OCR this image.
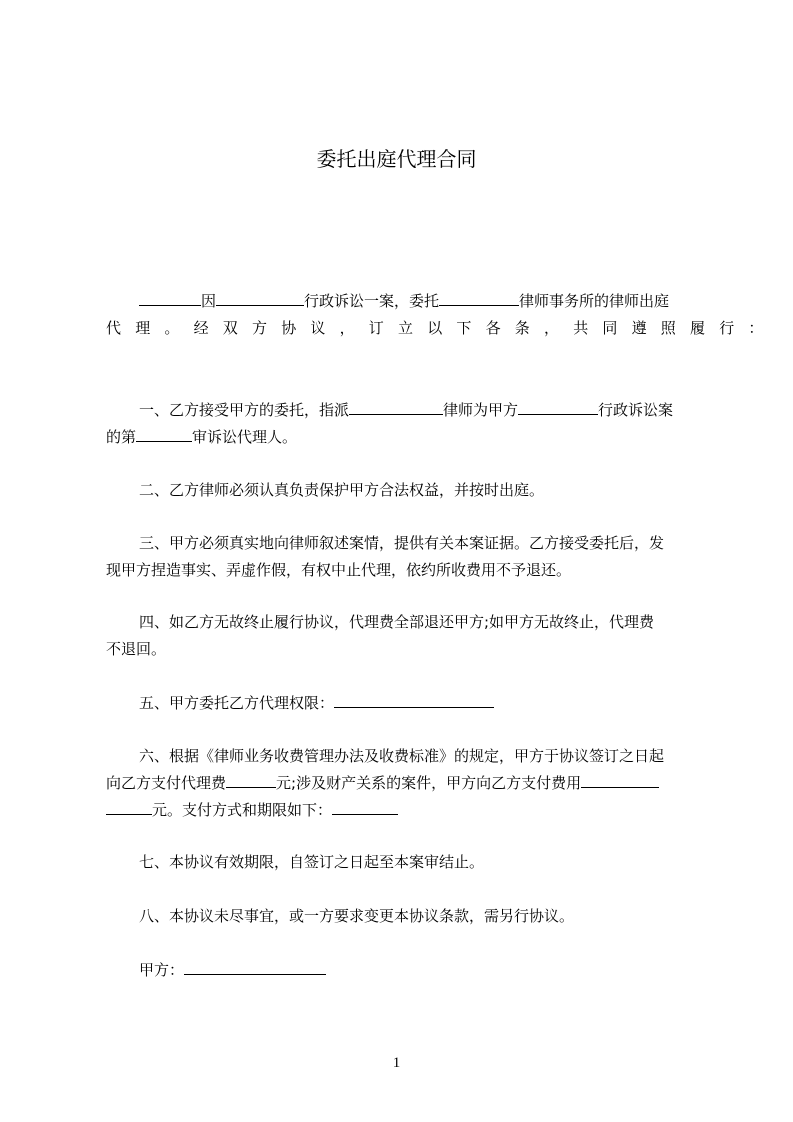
委托出庭代理合同
因	行政诉讼一案，委托	律师事务所的律师出庭
代理。经双方协议，订立以下各条，共同遵照履行：
一、乙方接受甲方的委托，指派	律师为甲方	行政诉讼案
的第	审诉讼代理人。
二、乙方律师必须认真负责保护甲方合法权益，并按时出庭。
三、甲方必须真实地向律师叙述案情，提供有关本案证据。乙方接受委托后，发
现甲方捏造事实、弄虚作假，有权中止代理，依约所收费用不予退还。
四、如乙方无故终止履行协议，代理费全部退还甲方;如甲方无故终止，代理费
不退回。
五、甲方委托乙方代理权限：
六、根据《律师业务收费管理办法及收费标准》的规定，甲方于协议签订之日起
向乙方支付代理费	元;涉及财产关系的案件，甲方向乙方支付费用
元。支付方式和期限如下：
七、本协议有效期限，自签订之日起至本案审结止。
八、本协议未尽事宜，或一方要求变更本协议条款，需另行协议。
甲方：
1
